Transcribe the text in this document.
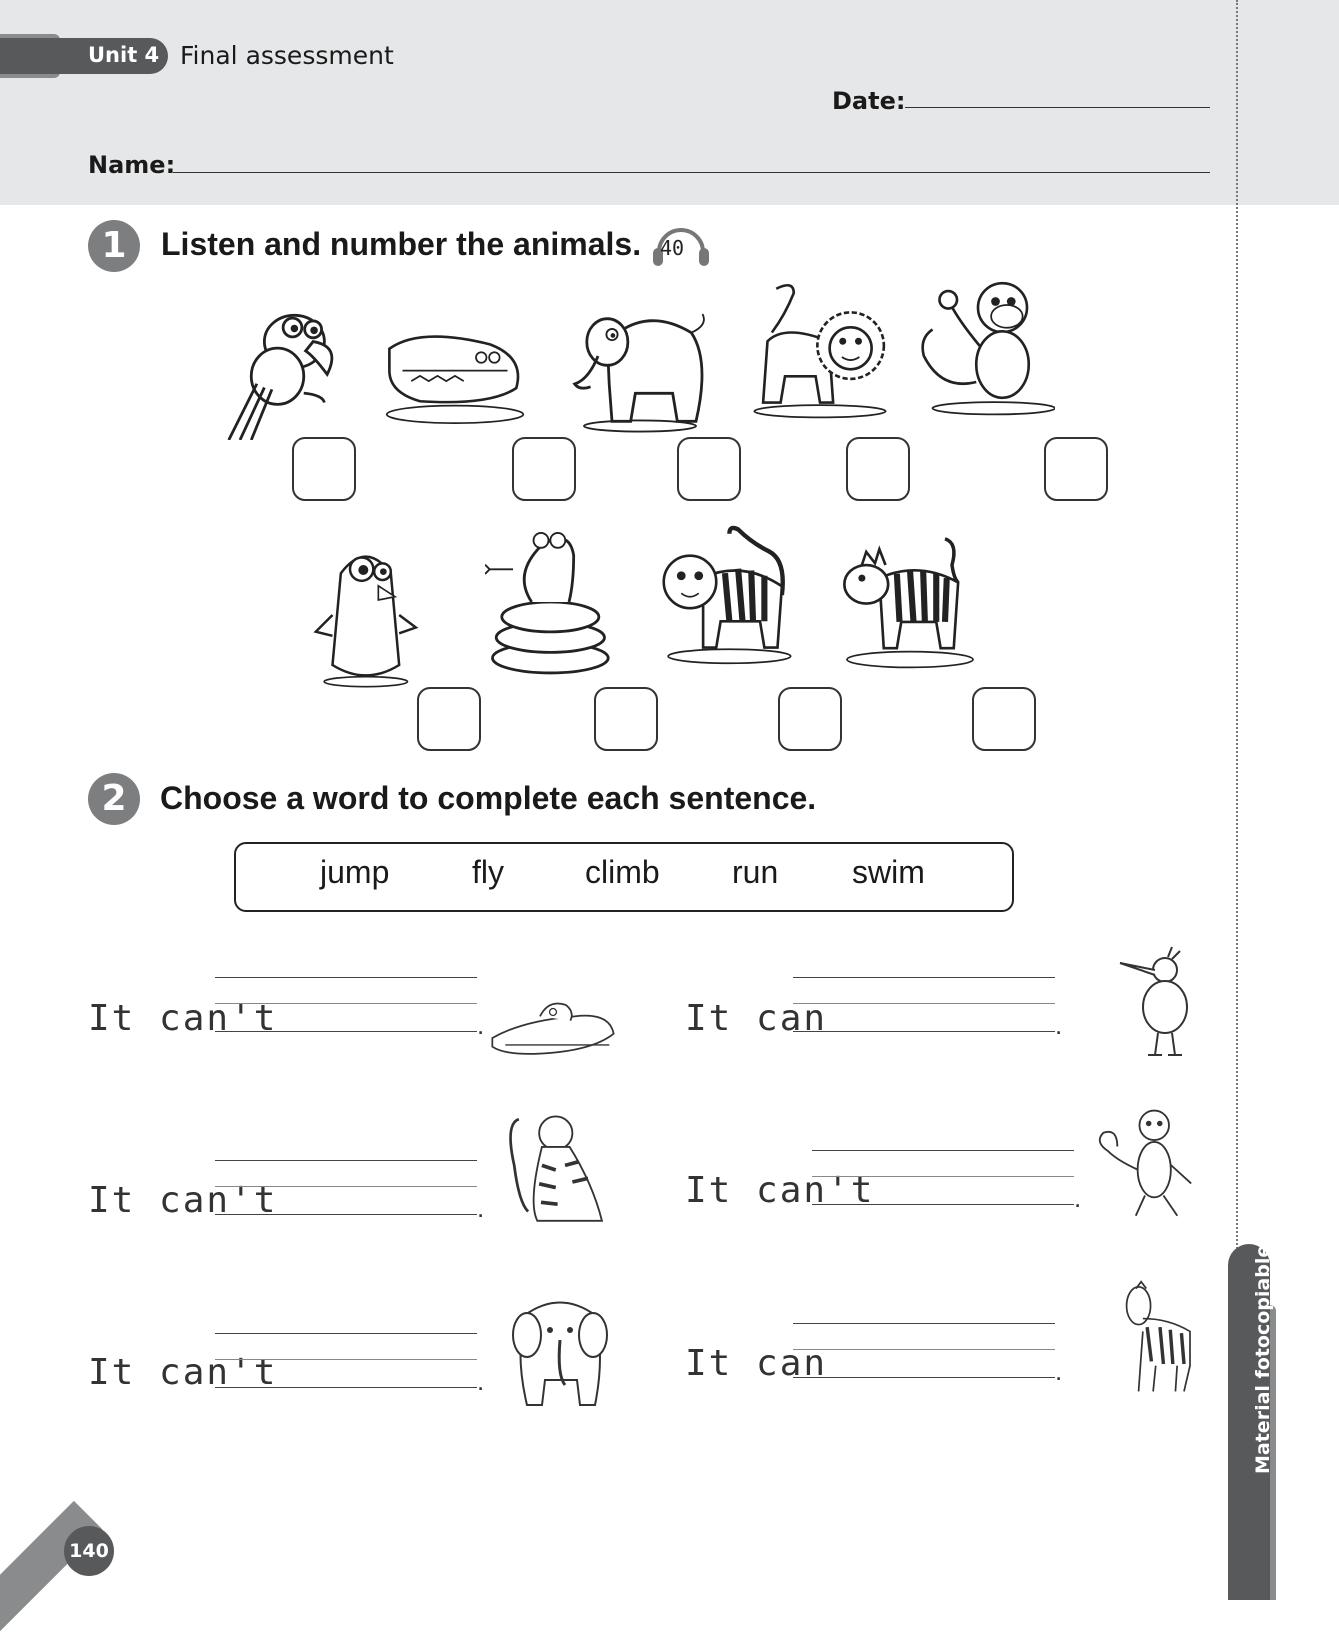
Unit 4 Final assessment
Date:
Name:
1	Listen and number the animals. 40
2	Choose a word to complete each sentence.
jump	fly	climb run swim
It can't	.	It can	.
It can't	.	It can't	.
It can't	.	It can	.	Material fotocopiable
140
